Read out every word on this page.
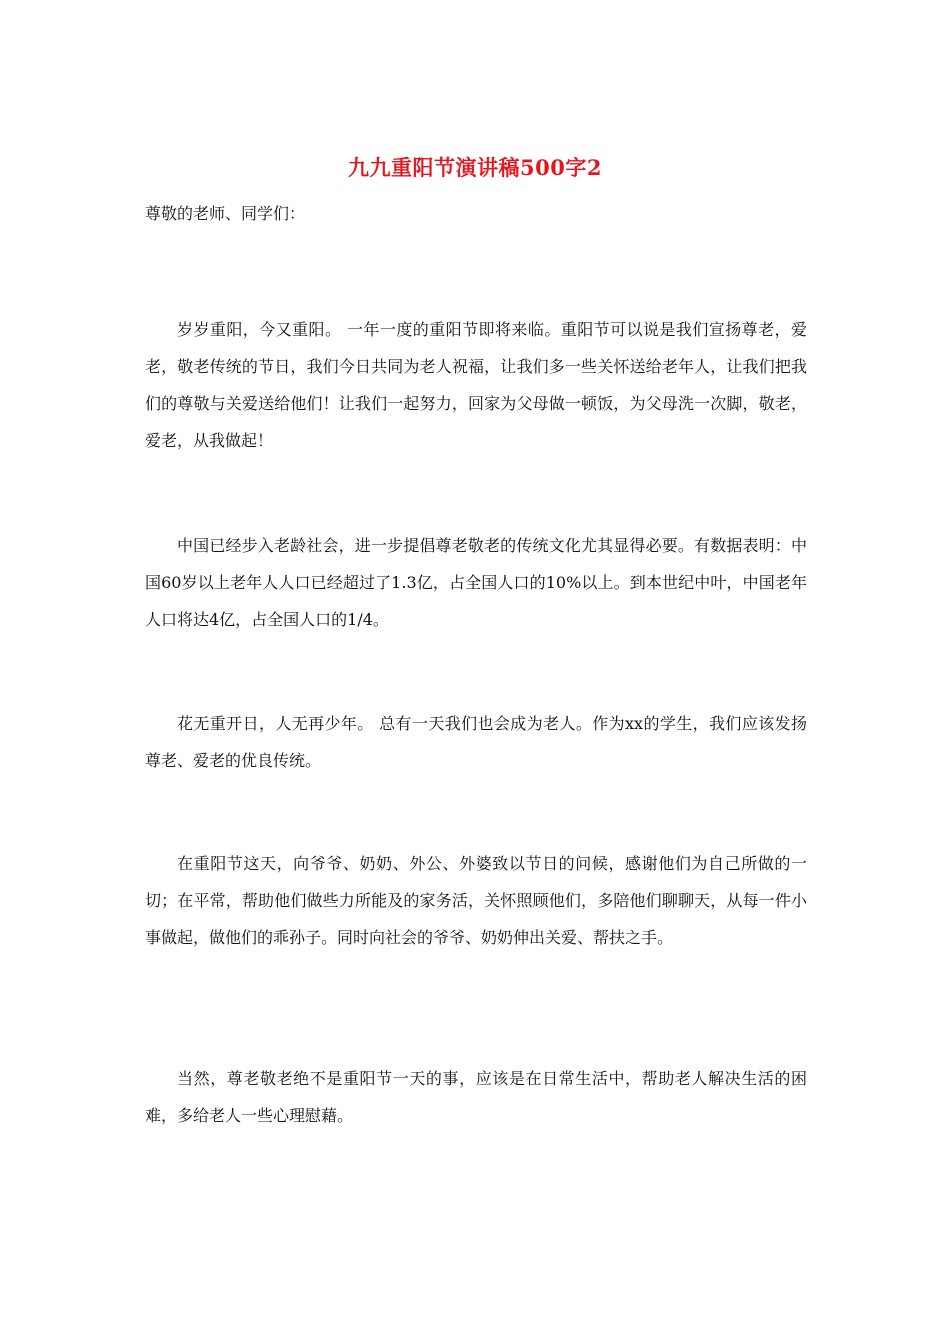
九九重阳节演讲稿500字2
尊敬的老师、同学们：

岁岁重阳，今又重阳。 一年一度的重阳节即将来临。重阳节可以说是我们宣扬尊老，爱老，敬老传统的节日，我们今日共同为老人祝福，让我们多一些关怀送给老年人，让我们把我们的尊敬与关爱送给他们！让我们一起努力，回家为父母做一顿饭，为父母洗一次脚，敬老，爱老，从我做起！

中国已经步入老龄社会，进一步提倡尊老敬老的传统文化尤其显得必要。有数据表明：中国60岁以上老年人人口已经超过了1.3亿，占全国人口的10%以上。到本世纪中叶，中国老年人口将达4亿，占全国人口的1/4。

花无重开日，人无再少年。 总有一天我们也会成为老人。作为xx的学生，我们应该发扬尊老、爱老的优良传统。

在重阳节这天，向爷爷、奶奶、外公、外婆致以节日的问候，感谢他们为自己所做的一切；在平常，帮助他们做些力所能及的家务活，关怀照顾他们，多陪他们聊聊天，从每一件小事做起，做他们的乖孙子。同时向社会的爷爷、奶奶伸出关爱、帮扶之手。

当然，尊老敬老绝不是重阳节一天的事，应该是在日常生活中，帮助老人解决生活的困难，多给老人一些心理慰藉。
